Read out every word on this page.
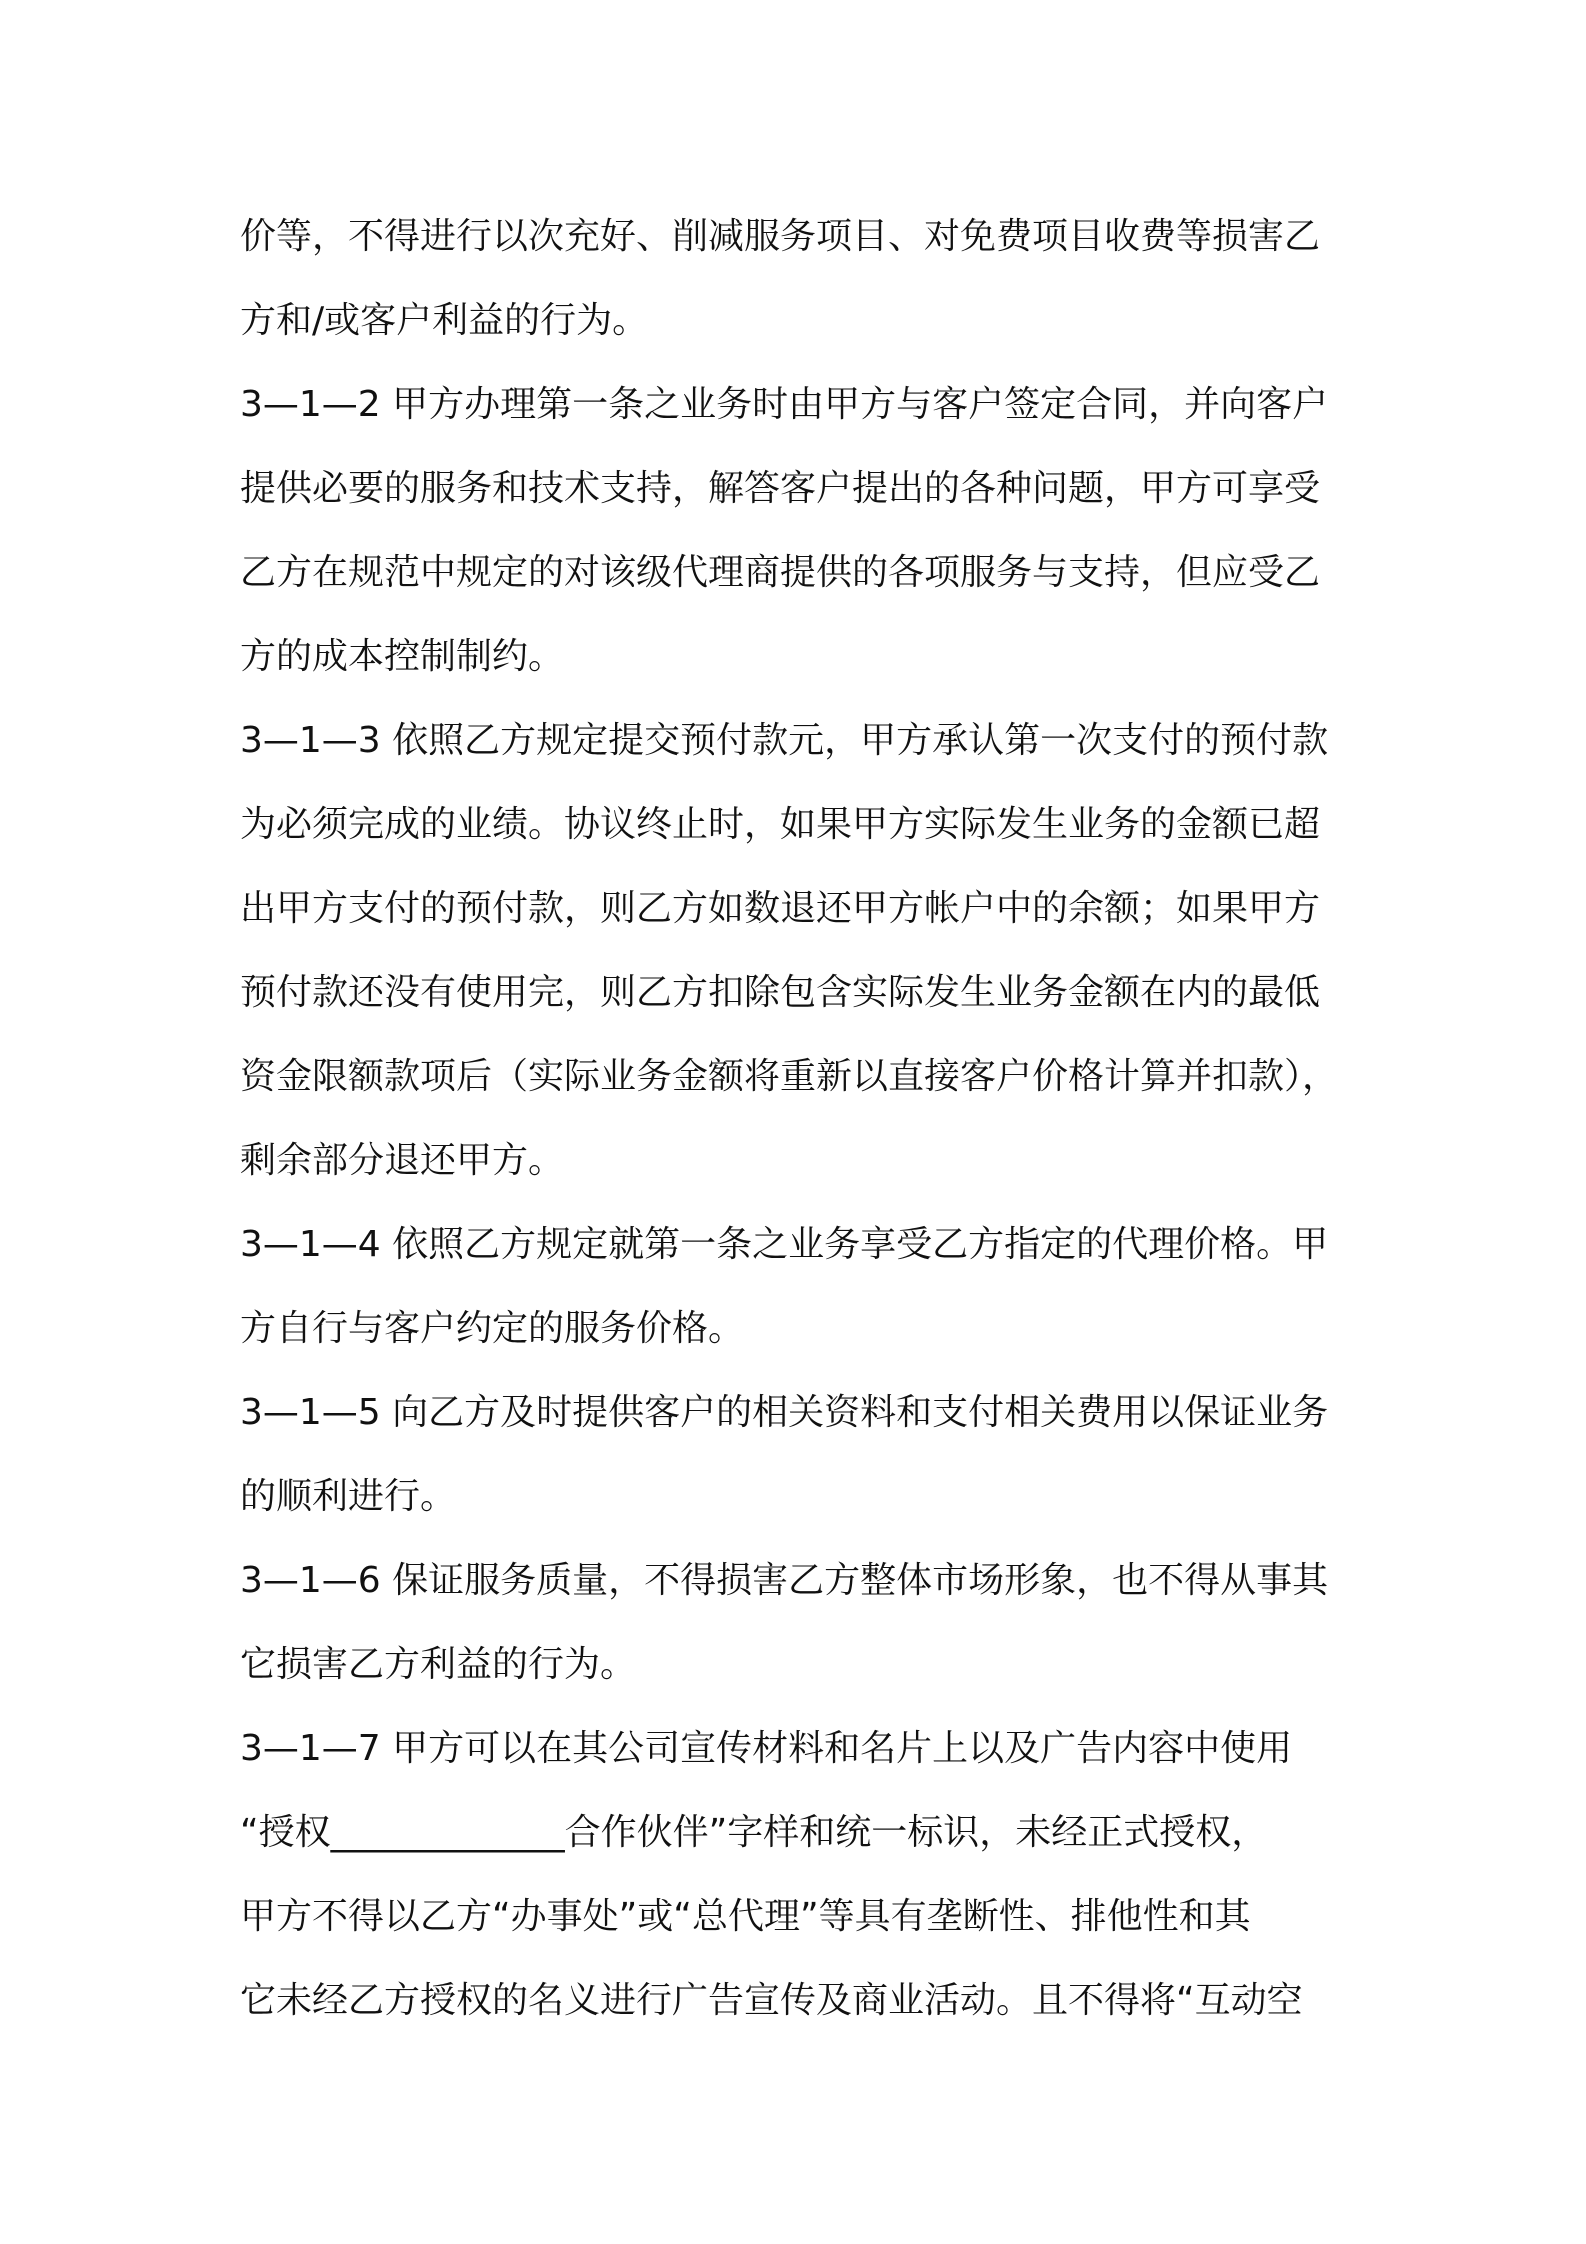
价等，不得进行以次充好、削减服务项目、对免费项目收费等损害乙
方和/或客户利益的行为。
3—1—2 甲方办理第一条之业务时由甲方与客户签定合同，并向客户
提供必要的服务和技术支持，解答客户提出的各种问题，甲方可享受
乙方在规范中规定的对该级代理商提供的各项服务与支持，但应受乙
方的成本控制制约。
3—1—3 依照乙方规定提交预付款元，甲方承认第一次支付的预付款
为必须完成的业绩。协议终止时，如果甲方实际发生业务的金额已超
出甲方支付的预付款，则乙方如数退还甲方帐户中的余额；如果甲方
预付款还没有使用完，则乙方扣除包含实际发生业务金额在内的最低
资金限额款项后（实际业务金额将重新以直接客户价格计算并扣款），
剩余部分退还甲方。
3—1—4 依照乙方规定就第一条之业务享受乙方指定的代理价格。甲
方自行与客户约定的服务价格。
3—1—5 向乙方及时提供客户的相关资料和支付相关费用以保证业务
的顺利进行。
3—1—6 保证服务质量，不得损害乙方整体市场形象，也不得从事其
它损害乙方利益的行为。
3—1—7 甲方可以在其公司宣传材料和名片上以及广告内容中使用
“授权_____________合作伙伴”字样和统一标识，未经正式授权，
甲方不得以乙方“办事处”或“总代理”等具有垄断性、排他性和其
它未经乙方授权的名义进行广告宣传及商业活动。且不得将“互动空
